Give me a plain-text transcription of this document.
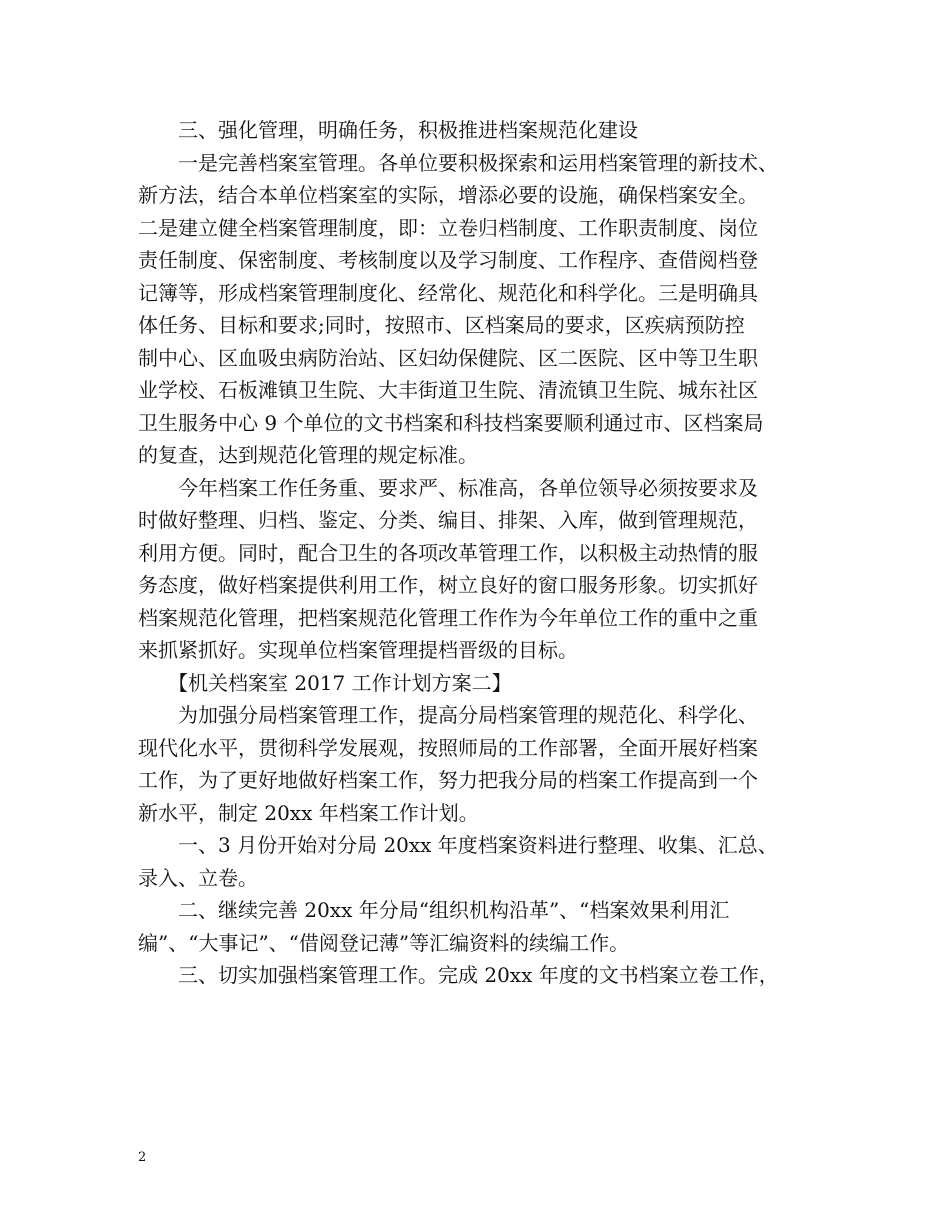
　　三、强化管理，明确任务，积极推进档案规范化建设
　　一是完善档案室管理。各单位要积极探索和运用档案管理的新技术、
新方法，结合本单位档案室的实际，增添必要的设施，确保档案安全。
二是建立健全档案管理制度，即：立卷归档制度、工作职责制度、岗位
责任制度、保密制度、考核制度以及学习制度、工作程序、查借阅档登
记簿等，形成档案管理制度化、经常化、规范化和科学化。三是明确具
体任务、目标和要求;同时，按照市、区档案局的要求，区疾病预防控
制中心、区血吸虫病防治站、区妇幼保健院、区二医院、区中等卫生职
业学校、石板滩镇卫生院、大丰街道卫生院、清流镇卫生院、城东社区
卫生服务中心 9 个单位的文书档案和科技档案要顺利通过市、区档案局
的复查，达到规范化管理的规定标准。
　　今年档案工作任务重、要求严、标准高，各单位领导必须按要求及
时做好整理、归档、鉴定、分类、编目、排架、入库，做到管理规范，
利用方便。同时，配合卫生的各项改革管理工作，以积极主动热情的服
务态度，做好档案提供利用工作，树立良好的窗口服务形象。切实抓好
档案规范化管理，把档案规范化管理工作作为今年单位工作的重中之重
来抓紧抓好。实现单位档案管理提档晋级的目标。
　　【机关档案室 2017 工作计划方案二】
　　为加强分局档案管理工作，提高分局档案管理的规范化、科学化、
现代化水平，贯彻科学发展观，按照师局的工作部署，全面开展好档案
工作，为了更好地做好档案工作，努力把我分局的档案工作提高到一个
新水平，制定 20xx 年档案工作计划。
　　一、3 月份开始对分局 20xx 年度档案资料进行整理、收集、汇总、
录入、立卷。
　　二、继续完善 20xx 年分局“组织机构沿革”、“档案效果利用汇
编”、“大事记”、“借阅登记薄”等汇编资料的续编工作。
　　三、切实加强档案管理工作。完成 20xx 年度的文书档案立卷工作，
2
